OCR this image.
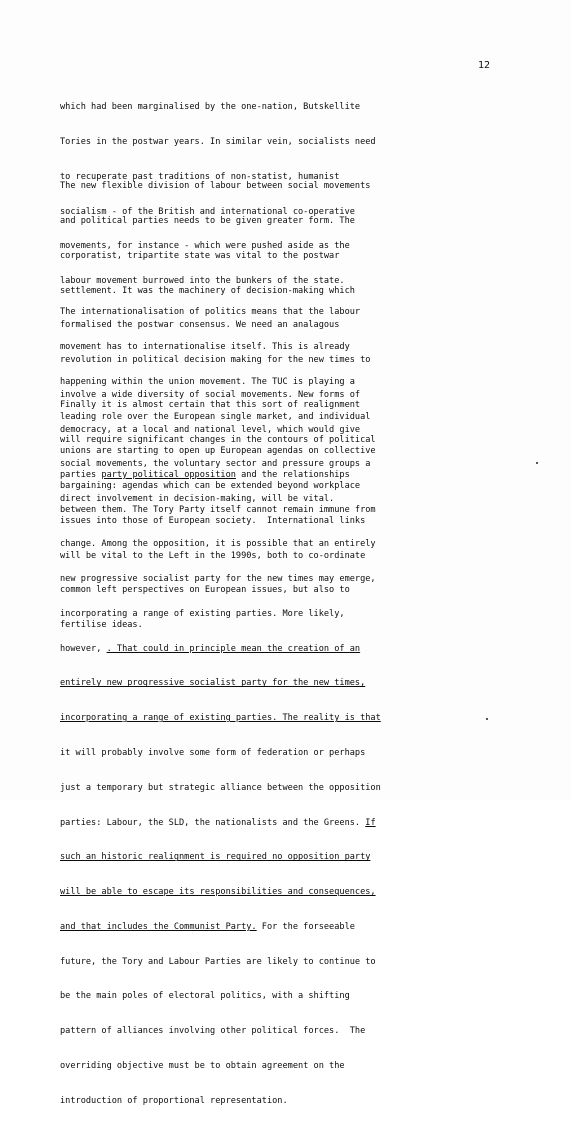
12

which had been marginalised by the one-nation, Butskellite

Tories in the postwar years. In similar vein, socialists need

to recuperate past traditions of non-statist, humanist

socialism - of the British and international co-operative

movements, for instance - which were pushed aside as the

labour movement burrowed into the bunkers of the state.

The new flexible division of labour between social movements

and political parties needs to be given greater form. The

corporatist, tripartite state was vital to the postwar

settlement. It was the machinery of decision-making which

formalised the postwar consensus. We need an analagous

revolution in political decision making for the new times to

involve a wide diversity of social movements. New forms of

democracy, at a local and national level, which would give

social movements, the voluntary sector and pressure groups a

direct involvement in decision-making, will be vital.

The internationalisation of politics means that the labour

movement has to internationalise itself. This is already

happening within the union movement. The TUC is playing a

leading role over the European single market, and individual

unions are starting to open up European agendas on collective

bargaining: agendas which can be extended beyond workplace

issues into those of European society.  International links

will be vital to the Left in the 1990s, both to co-ordinate

common left perspectives on European issues, but also to

fertilise ideas.

Finally it is almost certain that this sort of realignment

will require significant changes in the contours of political

parties party political opposition and the relationships

between them. The Tory Party itself cannot remain immune from

change. Among the opposition, it is possible that an entirely

new progressive socialist party for the new times may emerge,

incorporating a range of existing parties. More likely,

however, . That could in principle mean the creation of an

entirely new progressive socialist party for the new times,

incorporating a range of existing parties. The reality is that

it will probably involve some form of federation or perhaps

just a temporary but strategic alliance between the opposition

parties: Labour, the SLD, the nationalists and the Greens. If

such an historic realignment is required no opposition party

will be able to escape its responsibilities and consequences,

and that includes the Communist Party. For the forseeable

future, the Tory and Labour Parties are likely to continue to

be the main poles of electoral politics, with a shifting

pattern of alliances involving other political forces.  The

overriding objective must be to obtain agreement on the

introduction of proportional representation.
